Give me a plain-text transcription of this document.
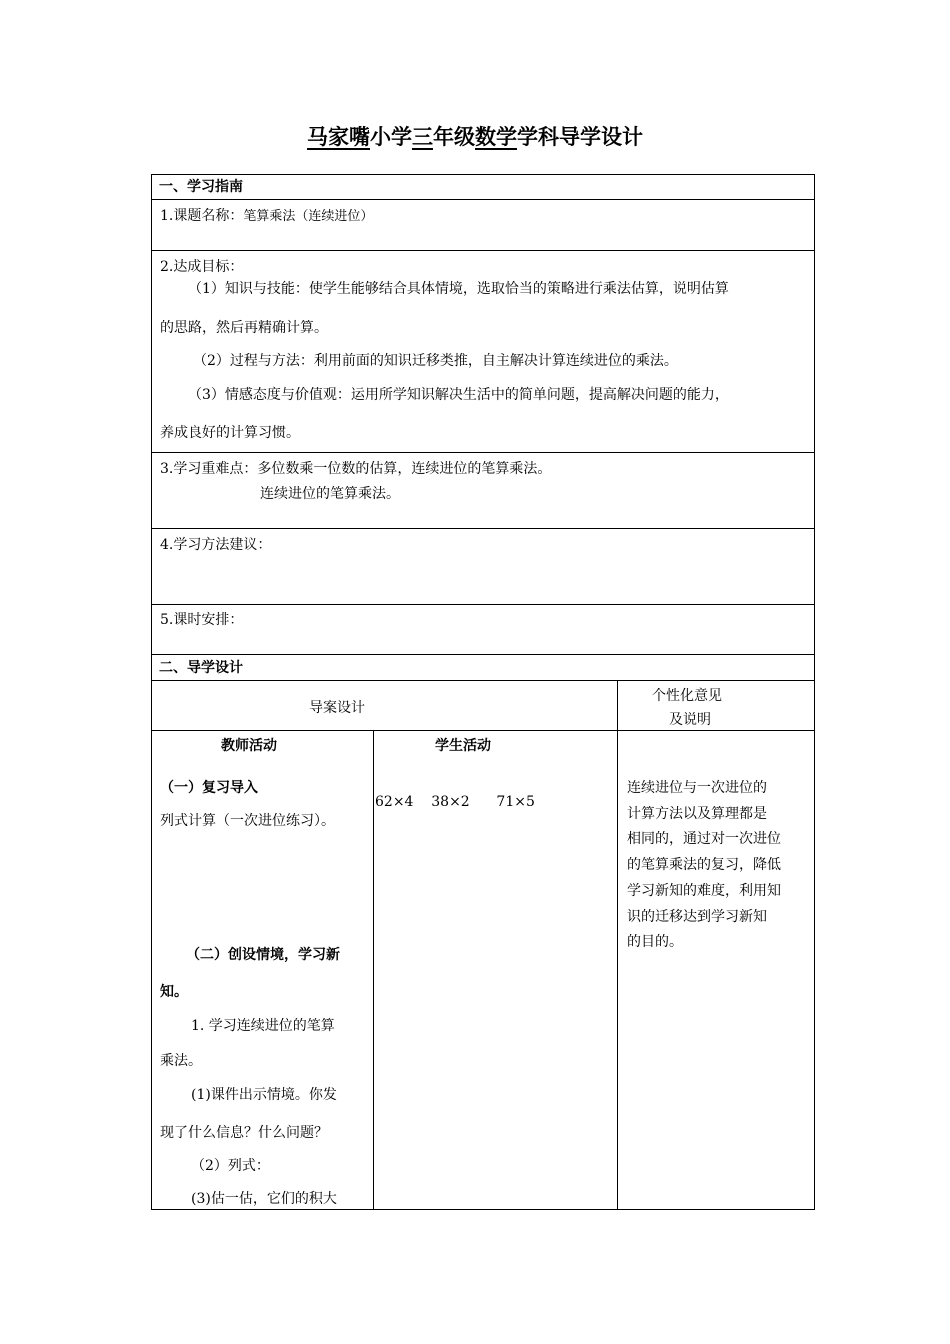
马家嘴小学三年级数学学科导学设计
一、学习指南
1.课题名称：笔算乘法（连续进位）
2.达成目标：
（1）知识与技能：使学生能够结合具体情境，选取恰当的策略进行乘法估算，说明估算
的思路，然后再精确计算。
（2）过程与方法：利用前面的知识迁移类推，自主解决计算连续进位的乘法。
（3）情感态度与价值观：运用所学知识解决生活中的简单问题，提高解决问题的能力，
养成良好的计算习惯。
3.学习重难点：多位数乘一位数的估算，连续进位的笔算乘法。
连续进位的笔算乘法。
4.学习方法建议：
5.课时安排：
二、导学设计
导案设计
个性化意见
及说明
教师活动	学生活动
（一）复习导入
列式计算（一次进位练习）。
（二）创设情境，学习新
知。
1. 学习连续进位的笔算
乘法。
(1)课件出示情境。你发
现了什么信息？什么问题？
（2）列式：
(3)估一估，它们的积大
62×4    38×2      71×5
连续进位与一次进位的
计算方法以及算理都是
相同的，通过对一次进位
的笔算乘法的复习，降低
学习新知的难度，利用知
识的迁移达到学习新知
的目的。
